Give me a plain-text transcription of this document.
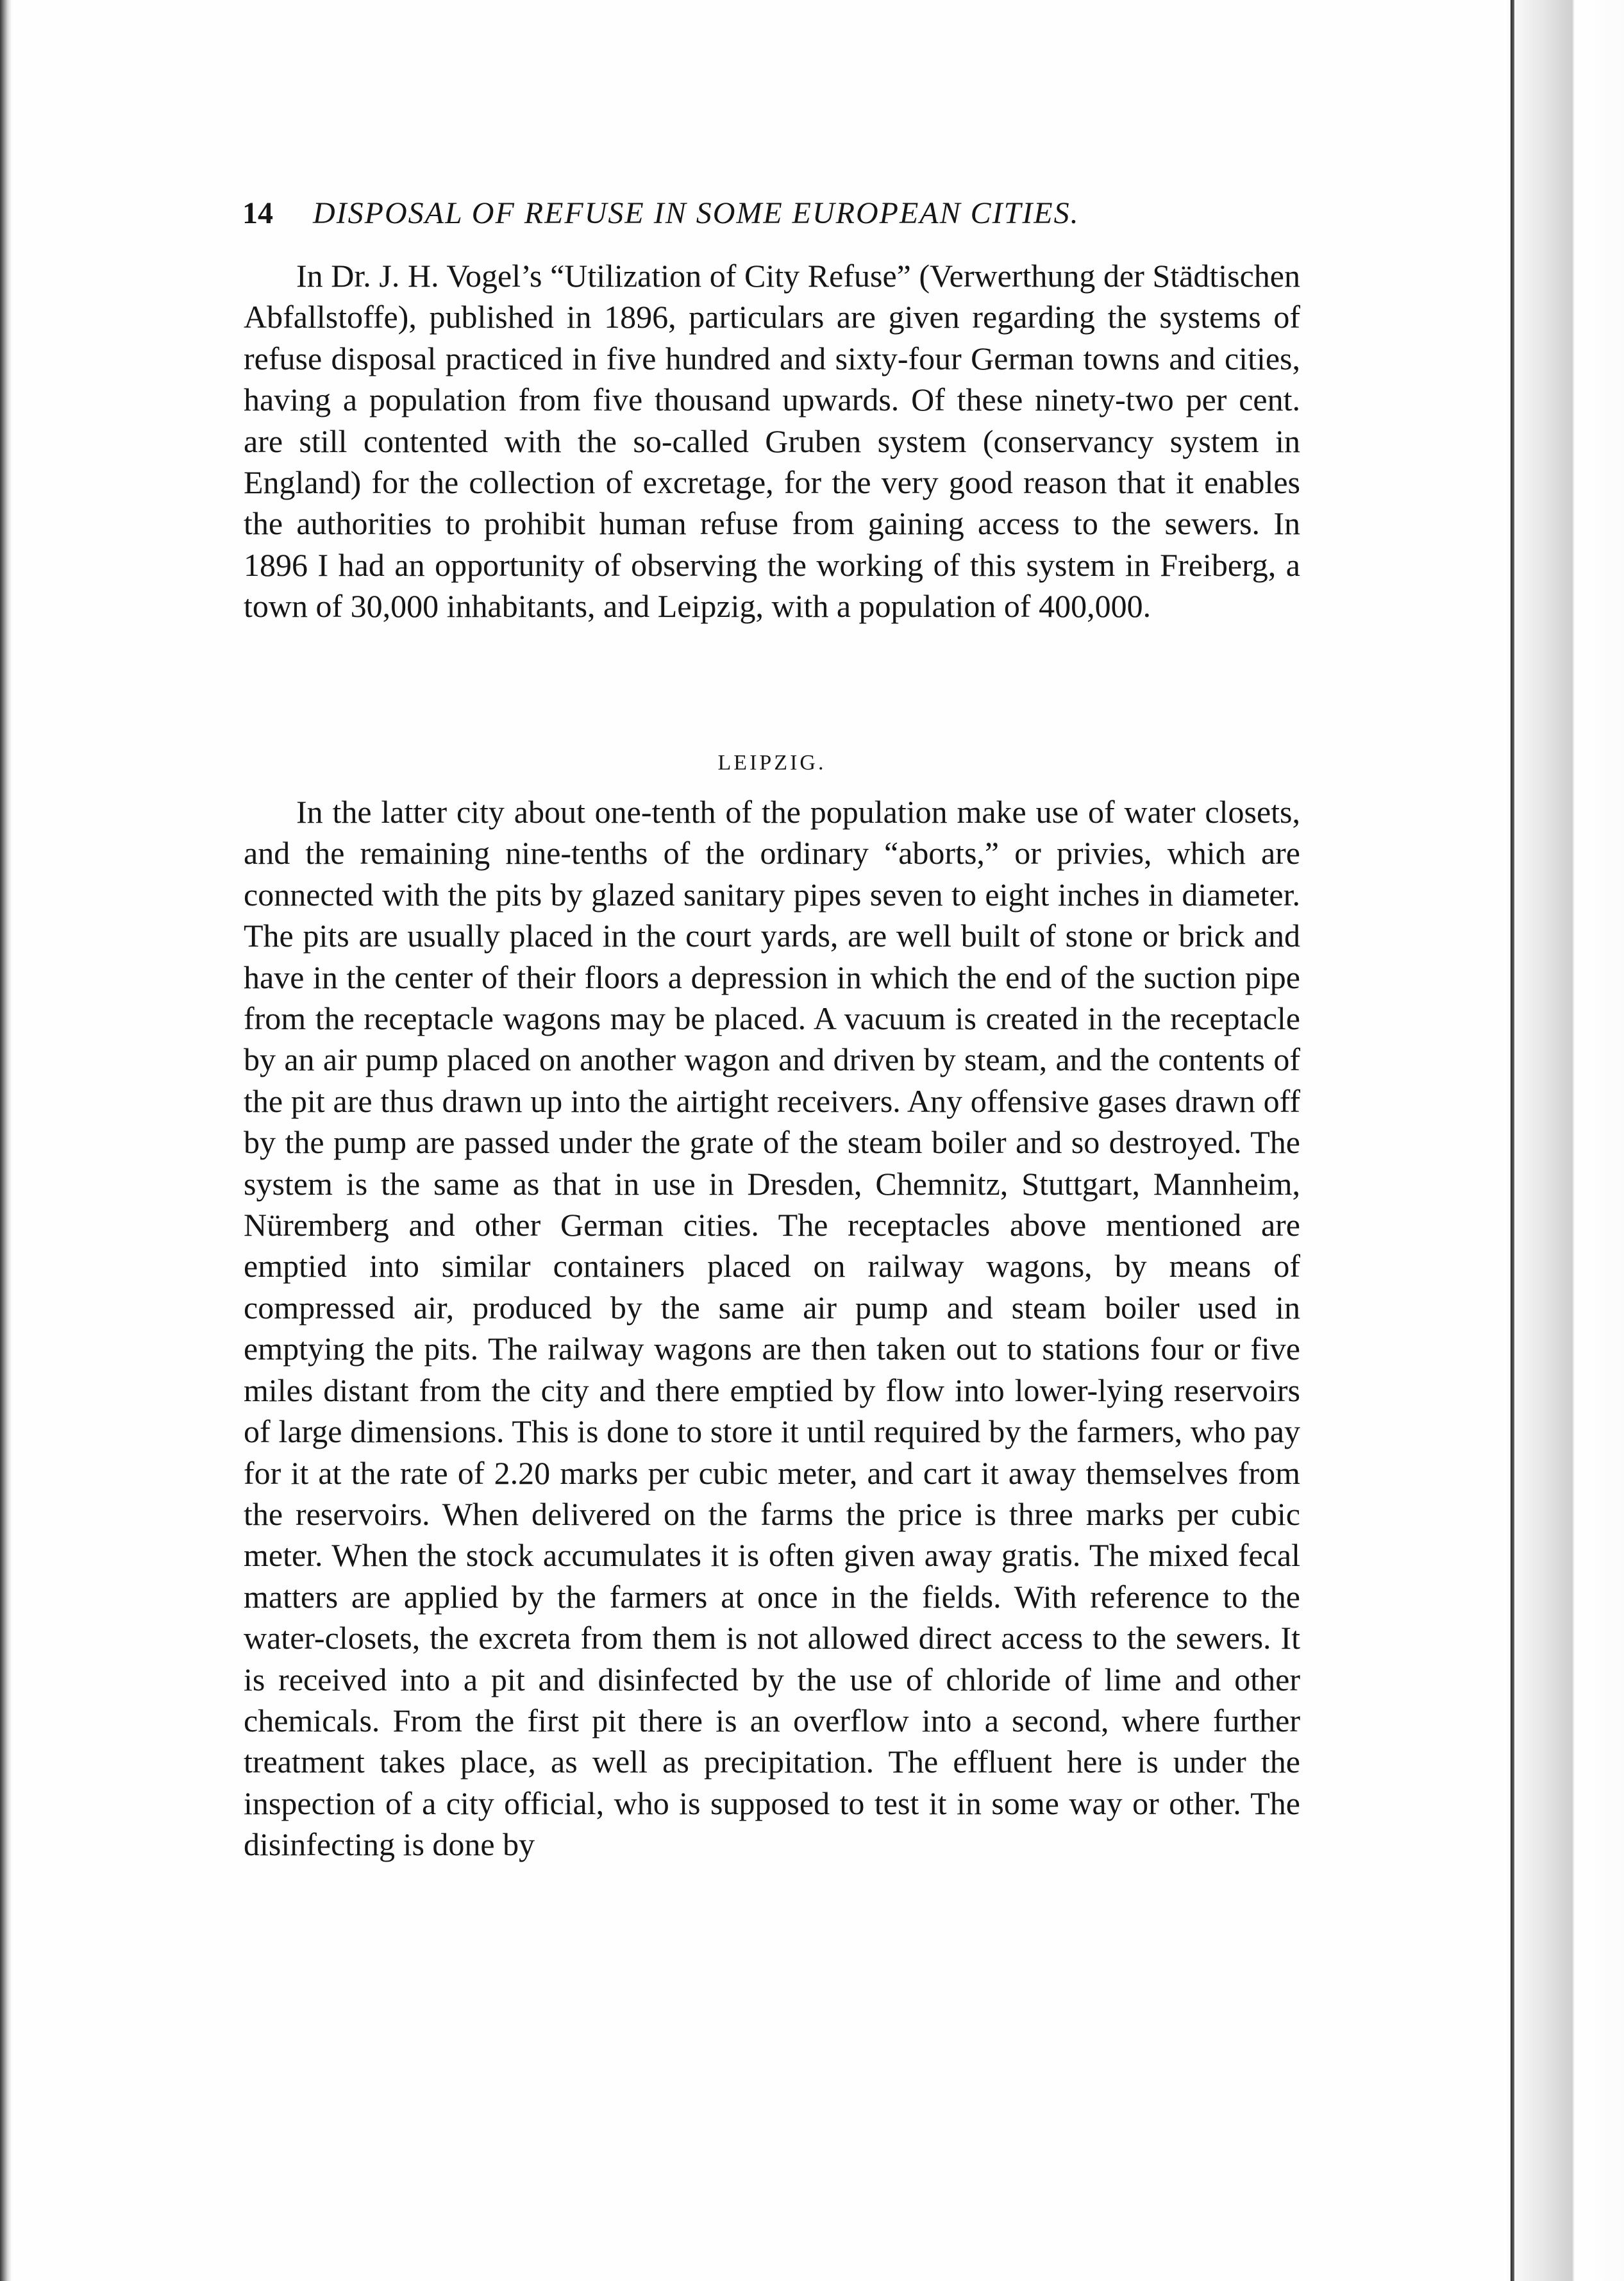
14 DISPOSAL OF REFUSE IN SOME EUROPEAN CITIES.

In Dr. J. H. Vogel’s “Utilization of City Refuse” (Verwerthung der Städtischen Abfallstoffe), published in 1896, particulars are given regarding the systems of refuse disposal practiced in five hundred and sixty-four German towns and cities, having a population from five thousand upwards. Of these ninety-two per cent. are still contented with the so-called Gruben system (conservancy system in England) for the collection of excretage, for the very good reason that it enables the authorities to prohibit human refuse from gaining access to the sewers. In 1896 I had an opportunity of observing the working of this system in Freiberg, a town of 30,000 inhabitants, and Leipzig, with a population of 400,000.

LEIPZIG.

In the latter city about one-tenth of the population make use of water closets, and the remaining nine-tenths of the ordinary “aborts,” or privies, which are connected with the pits by glazed sanitary pipes seven to eight inches in diameter. The pits are usually placed in the court yards, are well built of stone or brick and have in the center of their floors a depression in which the end of the suction pipe from the receptacle wagons may be placed. A vacuum is created in the receptacle by an air pump placed on another wagon and driven by steam, and the contents of the pit are thus drawn up into the airtight receivers. Any offensive gases drawn off by the pump are passed under the grate of the steam boiler and so destroyed. The system is the same as that in use in Dresden, Chemnitz, Stuttgart, Mannheim, Nüremberg and other German cities. The receptacles above mentioned are emptied into similar containers placed on railway wagons, by means of compressed air, produced by the same air pump and steam boiler used in emptying the pits. The railway wagons are then taken out to stations four or five miles distant from the city and there emptied by flow into lower-lying reservoirs of large dimensions. This is done to store it until required by the farmers, who pay for it at the rate of 2.20 marks per cubic meter, and cart it away themselves from the reservoirs. When delivered on the farms the price is three marks per cubic meter. When the stock accumulates it is often given away gratis. The mixed fecal matters are applied by the farmers at once in the fields. With reference to the water-closets, the excreta from them is not allowed direct access to the sewers. It is received into a pit and disinfected by the use of chloride of lime and other chemicals. From the first pit there is an overflow into a second, where further treatment takes place, as well as precipitation. The effluent here is under the inspection of a city official, who is supposed to test it in some way or other. The disinfecting is done by
